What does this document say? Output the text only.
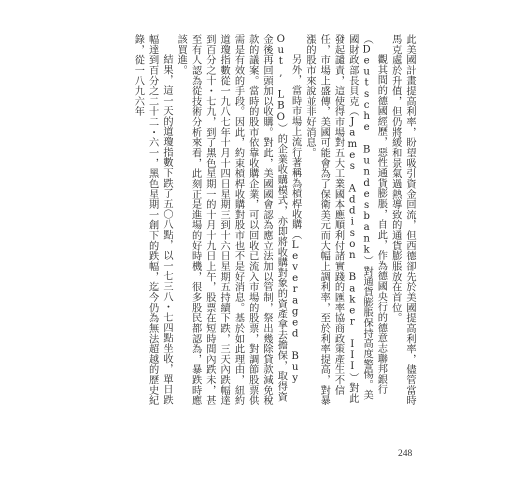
此美國計畫提高利率，盼望吸引資金回流，但西德卻先於美國提高利率，儘管當時馬克處於升值，但仍將緩和景氣過熱導致的通貨膨脹放在首位。

觀其間的德國經歷，惡性通貨膨脹，自此，作為德國央行的德意志聯邦銀行（Deutsche Bundesbank）對通貨膨脹保持高度警惕。美國財政部長貝克（James Addison Baker III）對此發起譴責，這使得市場對五大工業國本應順利付諸實踐的匯率協商政策產生不信任，市場上盛傳，美國可能會為了保衛美元而大幅上調利率，至於利率提高，對暴漲的股市來說並非好消息。

另外，當時市場上流行著稱為槓桿收購（Leveraged Buy Out, LBO）的企業收購模式，亦即將收購對象的資產拿去擔保，取得資金後再回頭加以收購。對此，美國國會認為應立法加以管制，祭出幾除貸款減免稅款的議案。當時的股市依靠收購企業，可以回收已流入市場的股票，對調節股票供需是有效的手段。因此，約束槓桿收購對股市也不是好消息。基於如此理由，紐約道瓊指數從一九八七年十月十四日星期三到十六日星期五持續下跌，三天內跌幅達到百分之十・七九，到了黑色星期一的十月十九日上午，股票在短時間內跌未，甚至有人認為從技術分析來看，此刻正是進場的好時機，很多股民都認為，暴跌時應該買進。

結果，這一天的道瓊指數下跌了五〇八點，以一七三八・七四點坐收，單日跌幅達到百分之二十二・六一，黑色星期一創下的跌幅，迄今仍為無法超越的歷史紀錄，從一八九六年

248
